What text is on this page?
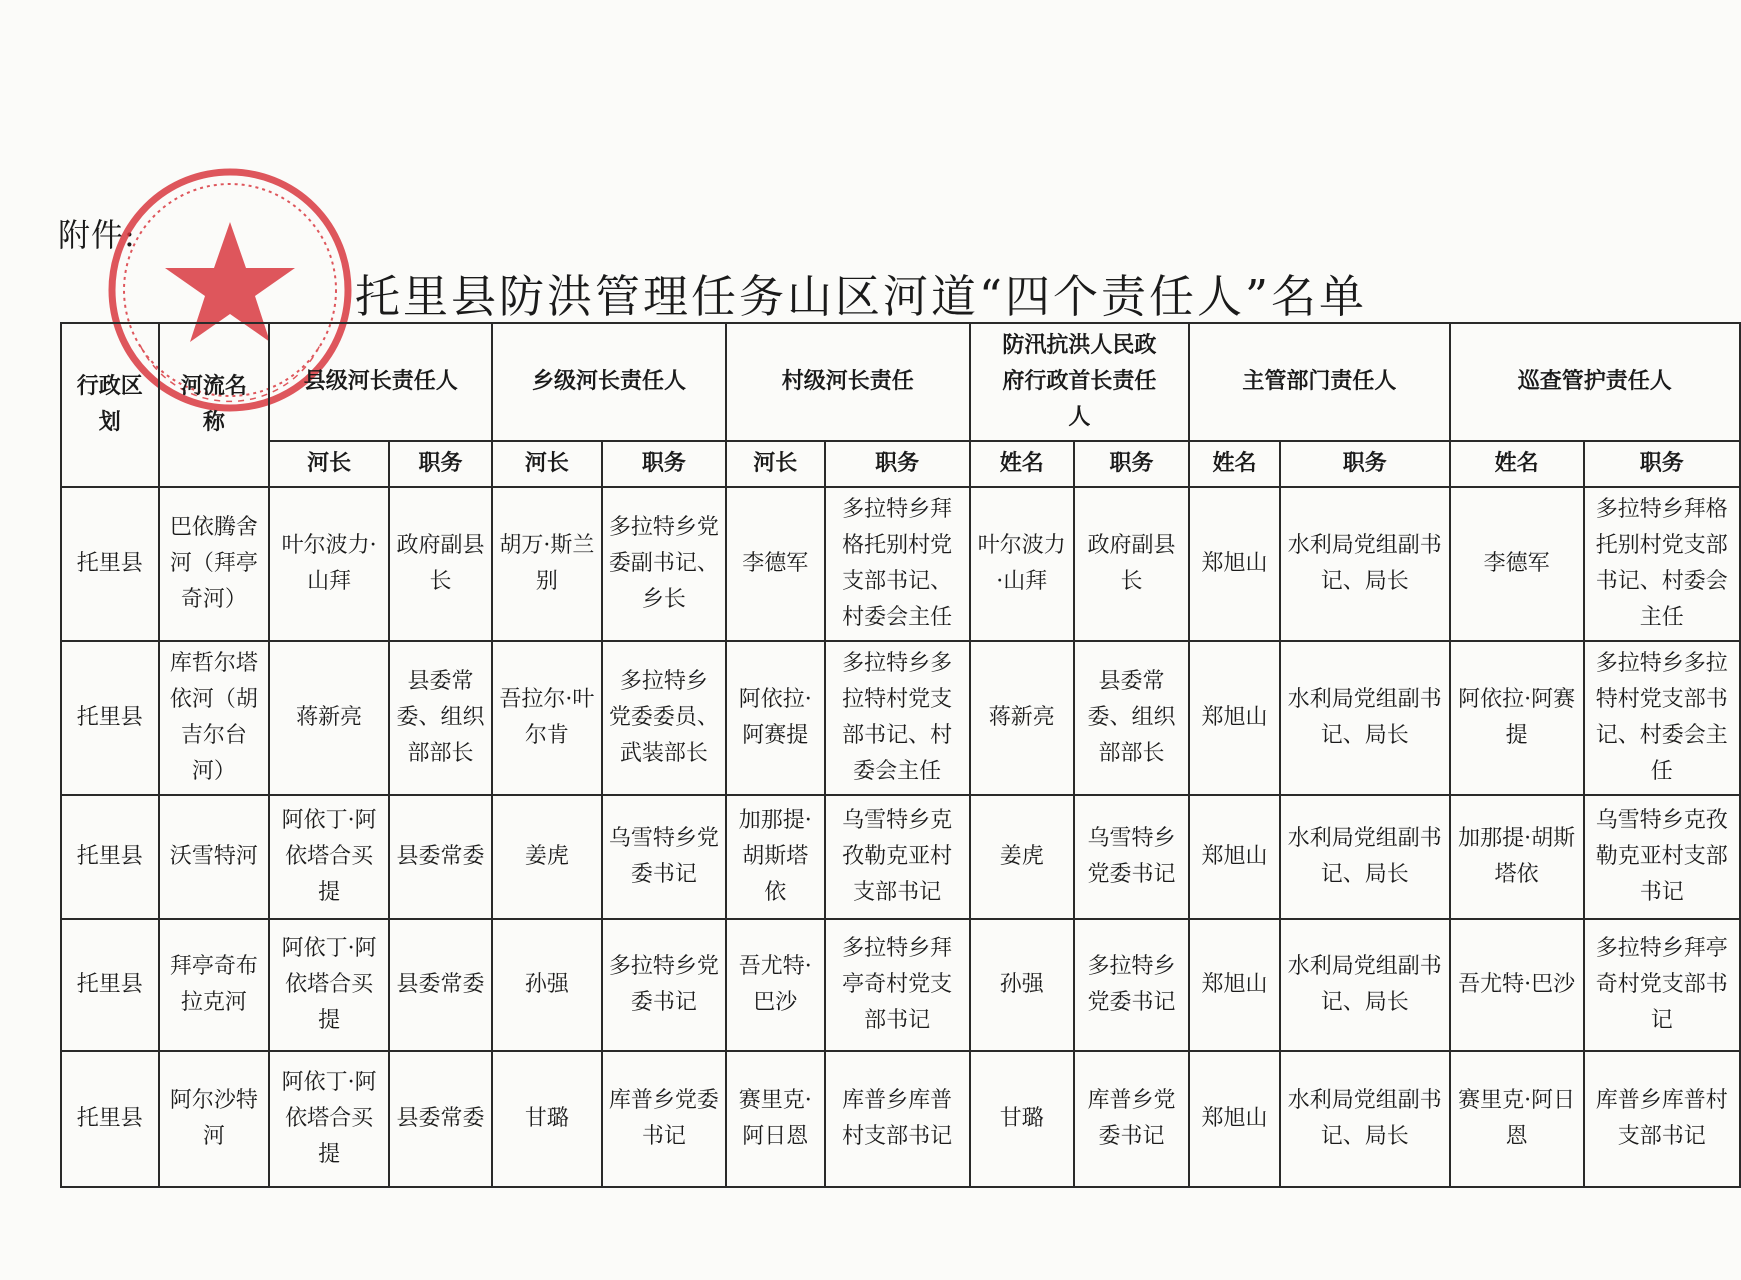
附件:
托里县防洪管理任务山区河道“四个责任人”名单
行政区划	河流名称	县级河长责任人		乡级河长责任人		村级河长责任		防汛抗洪人民政府行政首长责任人		主管部门责任人		巡查管护责任人	
		河长	职务	河长	职务	河长	职务	姓名	职务	姓名	职务	姓名	职务
托里县	巴依腾舍河（拜亭奇河）	叶尔波力·山拜	政府副县长	胡万·斯兰别	多拉特乡党委副书记、乡长	李德军	多拉特乡拜格托别村党支部书记、村委会主任	叶尔波力·山拜	政府副县长	郑旭山	水利局党组副书记、局长	李德军	多拉特乡拜格托别村党支部书记、村委会主任
托里县	库哲尔塔依河（胡吉尔台河）	蒋新亮	县委常委、组织部部长	吾拉尔·叶尔肯	多拉特乡 党委委员、武装部长	阿依拉·阿赛提	多拉特乡多拉特村党支部书记、村委会主任	蒋新亮	县委常委、组织部部长	郑旭山	水利局党组副书记、局长	阿依拉·阿赛提	多拉特乡多拉特村党支部书记、村委会主任
托里县	沃雪特河	阿依丁·阿依塔合买提	县委常委	姜虎	乌雪特乡党委书记	加那提·胡斯塔依	乌雪特乡克孜勒克亚村支部书记	姜虎	乌雪特乡党委书记	郑旭山	水利局党组副书记、局长	加那提·胡斯塔依	乌雪特乡克孜勒克亚村支部书记
托里县	拜亭奇布拉克河	阿依丁·阿依塔合买提	县委常委	孙强	多拉特乡党委书记	吾尤特·巴沙	多拉特乡拜亭奇村党支部书记	孙强	多拉特乡 党委书记	郑旭山	水利局党组副书记、局长	吾尤特·巴沙	多拉特乡拜亭奇村党支部书记
托里县	阿尔沙特河	阿依丁·阿依塔合买提	县委常委	甘璐	库普乡党委书记	赛里克·阿日恩	库普乡库普村支部书记	甘璐	库普乡党委书记	郑旭山	水利局党组副书记、局长	赛里克·阿日恩	库普乡库普村支部书记
